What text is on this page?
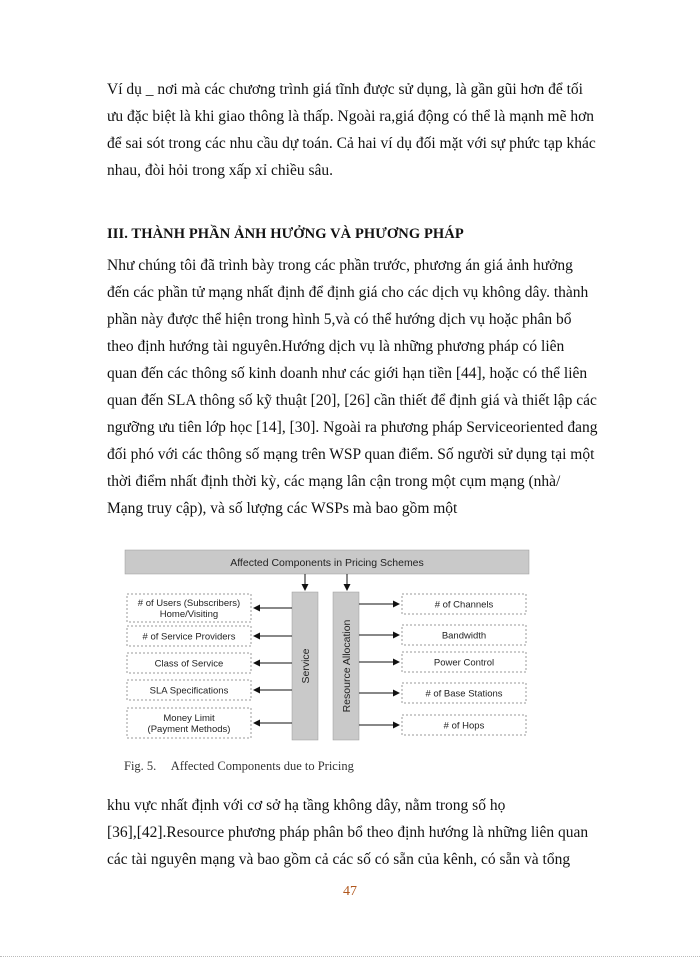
Ví dụ _ nơi mà các chương trình giá tĩnh được sử dụng, là gần gũi hơn để tối
ưu đặc biệt là khi giao thông là thấp. Ngoài ra,giá động có thể là mạnh mẽ hơn
để sai sót trong các nhu cầu dự toán. Cả hai ví dụ đối mặt với sự phức tạp khác
nhau, đòi hỏi trong xấp xỉ chiều sâu.
III. THÀNH PHẦN ẢNH HƯỞNG VÀ PHƯƠNG PHÁP
Như chúng tôi đã trình bày trong các phần trước, phương án giá ảnh hưởng
đến các phần tử mạng nhất định để định giá cho các dịch vụ không dây. thành
phần này được thể hiện trong hình 5,và có thể hướng dịch vụ hoặc phân bổ
theo định hướng tài nguyên.Hướng dịch vụ là những phương pháp có liên
quan đến các thông số kinh doanh như các giới hạn tiền [44], hoặc có thể liên
quan đến SLA thông số kỹ thuật [20], [26] cần thiết để định giá và thiết lập các
ngưỡng ưu tiên lớp học [14], [30]. Ngoài ra phương pháp Serviceoriented đang
đối phó với các thông số mạng trên WSP quan điểm. Số người sử dụng tại một
thời điểm nhất định thời kỳ, các mạng lân cận trong một cụm mạng (nhà/
Mạng truy cập), và số lượng các WSPs mà bao gồm một
Affected Components in Pricing Schemes
Service	Resource Allocation
# of Users (Subscribers)
Home/Visiting
# of Service Providers
Class of Service
SLA Specifications
Money Limit
(Payment Methods)
# of Channels
Bandwidth
Power Control
# of Base Stations
# of Hops
Fig. 5. Affected Components due to Pricing
khu vực nhất định với cơ sở hạ tầng không dây, nằm trong số họ
[36],[42].Resource phương pháp phân bổ theo định hướng là những liên quan
các tài nguyên mạng và bao gồm cả các số có sẵn của kênh, có sẵn và tổng
47
